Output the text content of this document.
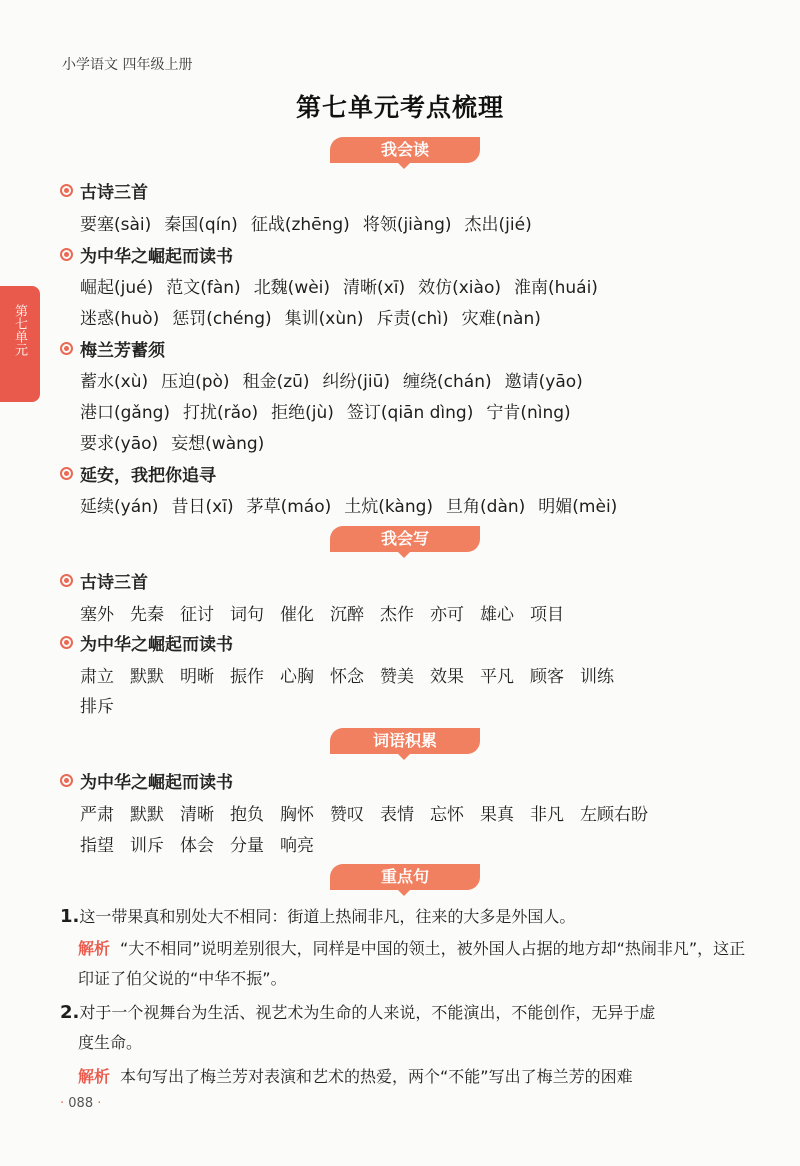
小学语文 四年级上册
第七单元考点梳理
第七单元
我会读
古诗三首
要塞(sài) 秦国(qín) 征战(zhēng) 将领(jiàng) 杰出(jié)
为中华之崛起而读书
崛起(jué) 范文(fàn) 北魏(wèi) 清晰(xī) 效仿(xiào) 淮南(huái)
迷惑(huò) 惩罚(chéng) 集训(xùn) 斥责(chì) 灾难(nàn)
梅兰芳蓄须
蓄水(xù) 压迫(pò) 租金(zū) 纠纷(jiū) 缠绕(chán) 邀请(yāo)
港口(gǎng) 打扰(rǎo) 拒绝(jù) 签订(qiān dìng) 宁肯(nìng)
要求(yāo) 妄想(wàng)
延安，我把你追寻
延续(yán) 昔日(xī) 茅草(máo) 土炕(kàng) 旦角(dàn) 明媚(mèi)
我会写
古诗三首
塞外 先秦 征讨 词句 催化 沉醉 杰作 亦可 雄心 项目
为中华之崛起而读书
肃立 默默 明晰 振作 心胸 怀念 赞美 效果 平凡 顾客 训练
排斥
词语积累
为中华之崛起而读书
严肃 默默 清晰 抱负 胸怀 赞叹 表情 忘怀 果真 非凡 左顾右盼
指望 训斥 体会 分量 响亮
重点句
1.这一带果真和别处大不相同：街道上热闹非凡，往来的大多是外国人。
解析 “大不相同”说明差别很大，同样是中国的领土，被外国人占据的地方却“热闹非凡”，这正印证了伯父说的“中华不振”。
2.对于一个视舞台为生活、视艺术为生命的人来说，不能演出，不能创作，无异于虚
度生命。
解析 本句写出了梅兰芳对表演和艺术的热爱，两个“不能”写出了梅兰芳的困难
· 088 ·
